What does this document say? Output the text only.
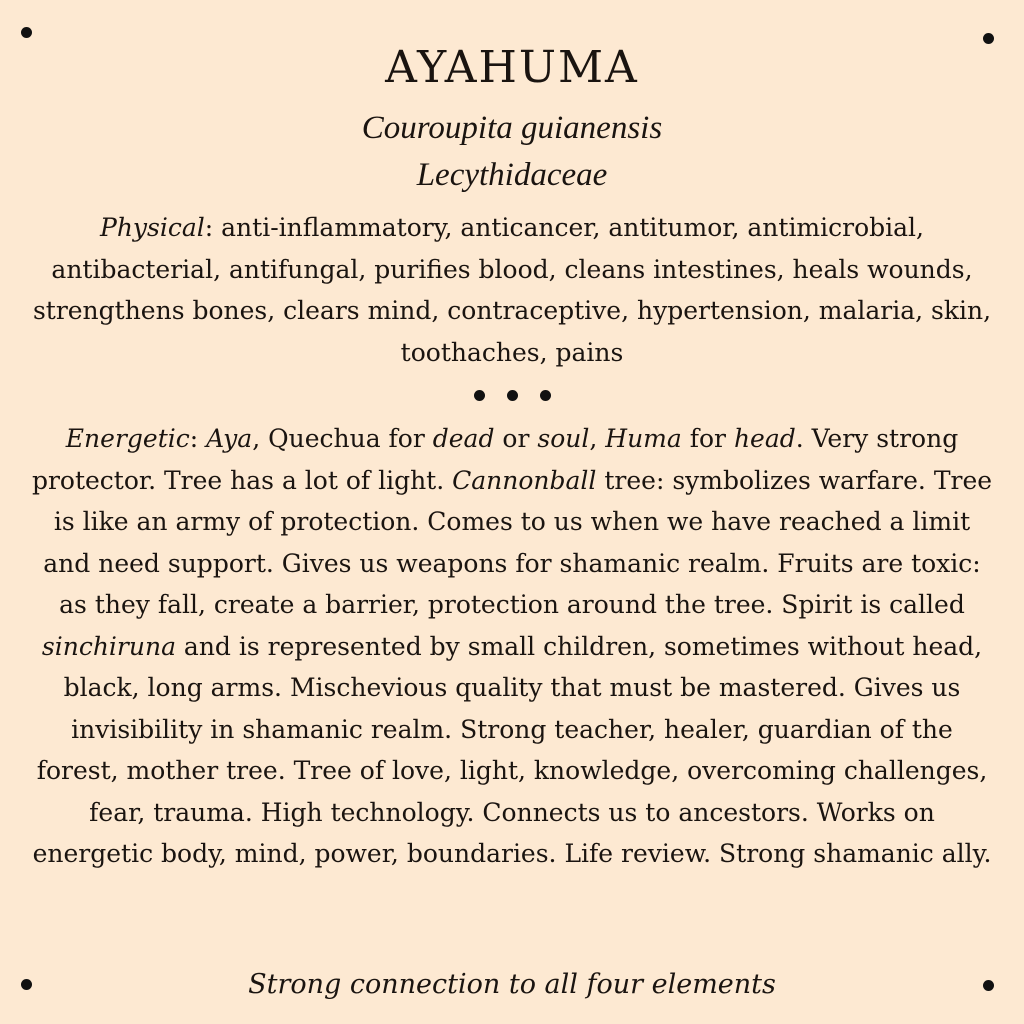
AYAHUMA

Couroupita guianensis

Lecythidaceae

Physical: anti-inflammatory, anticancer, antitumor, antimicrobial, antibacterial, antifungal, purifies blood, cleans intestines, heals wounds, strengthens bones, clears mind, contraceptive, hypertension, malaria, skin, toothaches, pains

Energetic: Aya, Quechua for dead or soul, Huma for head. Very strong protector. Tree has a lot of light. Cannonball tree: symbolizes warfare. Tree is like an army of protection. Comes to us when we have reached a limit and need support. Gives us weapons for shamanic realm. Fruits are toxic: as they fall, create a barrier, protection around the tree. Spirit is called sinchiruna and is represented by small children, sometimes without head, black, long arms. Mischevious quality that must be mastered. Gives us invisibility in shamanic realm. Strong teacher, healer, guardian of the forest, mother tree. Tree of love, light, knowledge, overcoming challenges, fear, trauma. High technology. Connects us to ancestors. Works on energetic body, mind, power, boundaries. Life review. Strong shamanic ally.

Strong connection to all four elements
